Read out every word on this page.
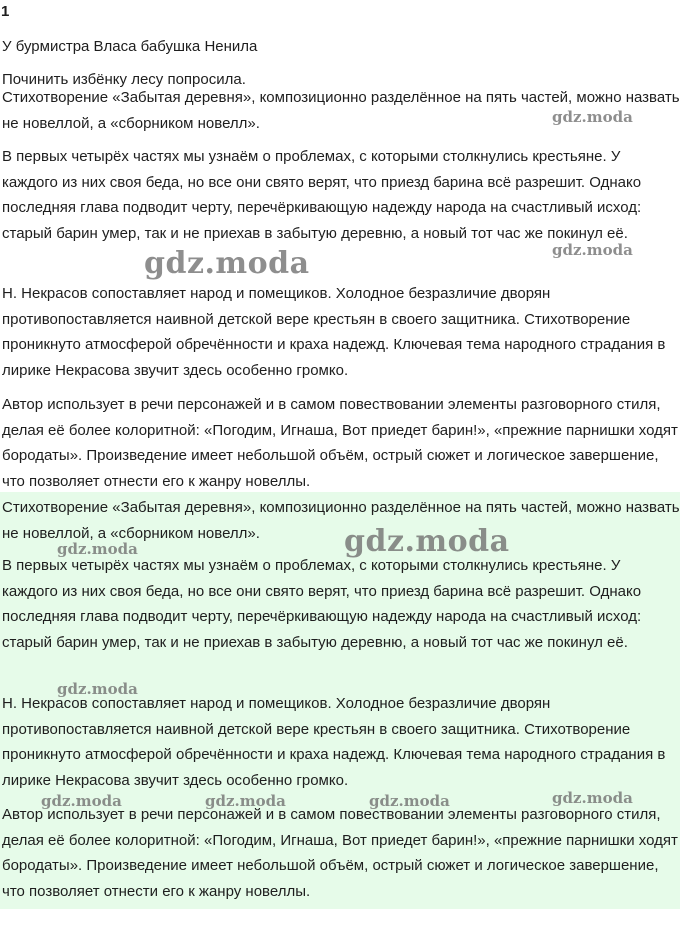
1

У бурмистра Власа бабушка Ненила

Починить избёнку лесу попросила.

Стихотворение «Забытая деревня», композиционно разделённое на пять частей, можно назвать не новеллой, а «сборником новелл».

В первых четырёх частях мы узнаём о проблемах, с которыми столкнулись крестьяне. У каждого из них своя беда, но все они свято верят, что приезд барина всё разрешит. Однако последняя глава подводит черту, перечёркивающую надежду народа на счастливый исход: старый барин умер, так и не приехав в забытую деревню, а новый тот час же покинул её.

Н. Некрасов сопоставляет народ и помещиков. Холодное безразличие дворян противопоставляется наивной детской вере крестьян в своего защитника. Стихотворение проникнуто атмосферой обречённости и краха надежд. Ключевая тема народного страдания в лирике Некрасова звучит здесь особенно громко.

Автор использует в речи персонажей и в самом повествовании элементы разговорного стиля, делая её более колоритной: «Погодим, Игнаша, Вот приедет барин!», «прежние парнишки ходят бородаты». Произведение имеет небольшой объём, острый сюжет и логическое завершение, что позволяет отнести его к жанру новеллы.

Стихотворение «Забытая деревня», композиционно разделённое на пять частей, можно назвать не новеллой, а «сборником новелл».

В первых четырёх частях мы узнаём о проблемах, с которыми столкнулись крестьяне. У каждого из них своя беда, но все они свято верят, что приезд барина всё разрешит. Однако последняя глава подводит черту, перечёркивающую надежду народа на счастливый исход: старый барин умер, так и не приехав в забытую деревню, а новый тот час же покинул её.

Н. Некрасов сопоставляет народ и помещиков. Холодное безразличие дворян противопоставляется наивной детской вере крестьян в своего защитника. Стихотворение проникнуто атмосферой обречённости и краха надежд. Ключевая тема народного страдания в лирике Некрасова звучит здесь особенно громко.

Автор использует в речи персонажей и в самом повествовании элементы разговорного стиля, делая её более колоритной: «Погодим, Игнаша, Вот приедет барин!», «прежние парнишки ходят бородаты». Произведение имеет небольшой объём, острый сюжет и логическое завершение, что позволяет отнести его к жанру новеллы.

gdz.moda
gdz.moda	gdz.moda
gdz.moda	gdz.moda
gdz.moda
gdz.moda	gdz.moda	gdz.moda	gdz.moda
